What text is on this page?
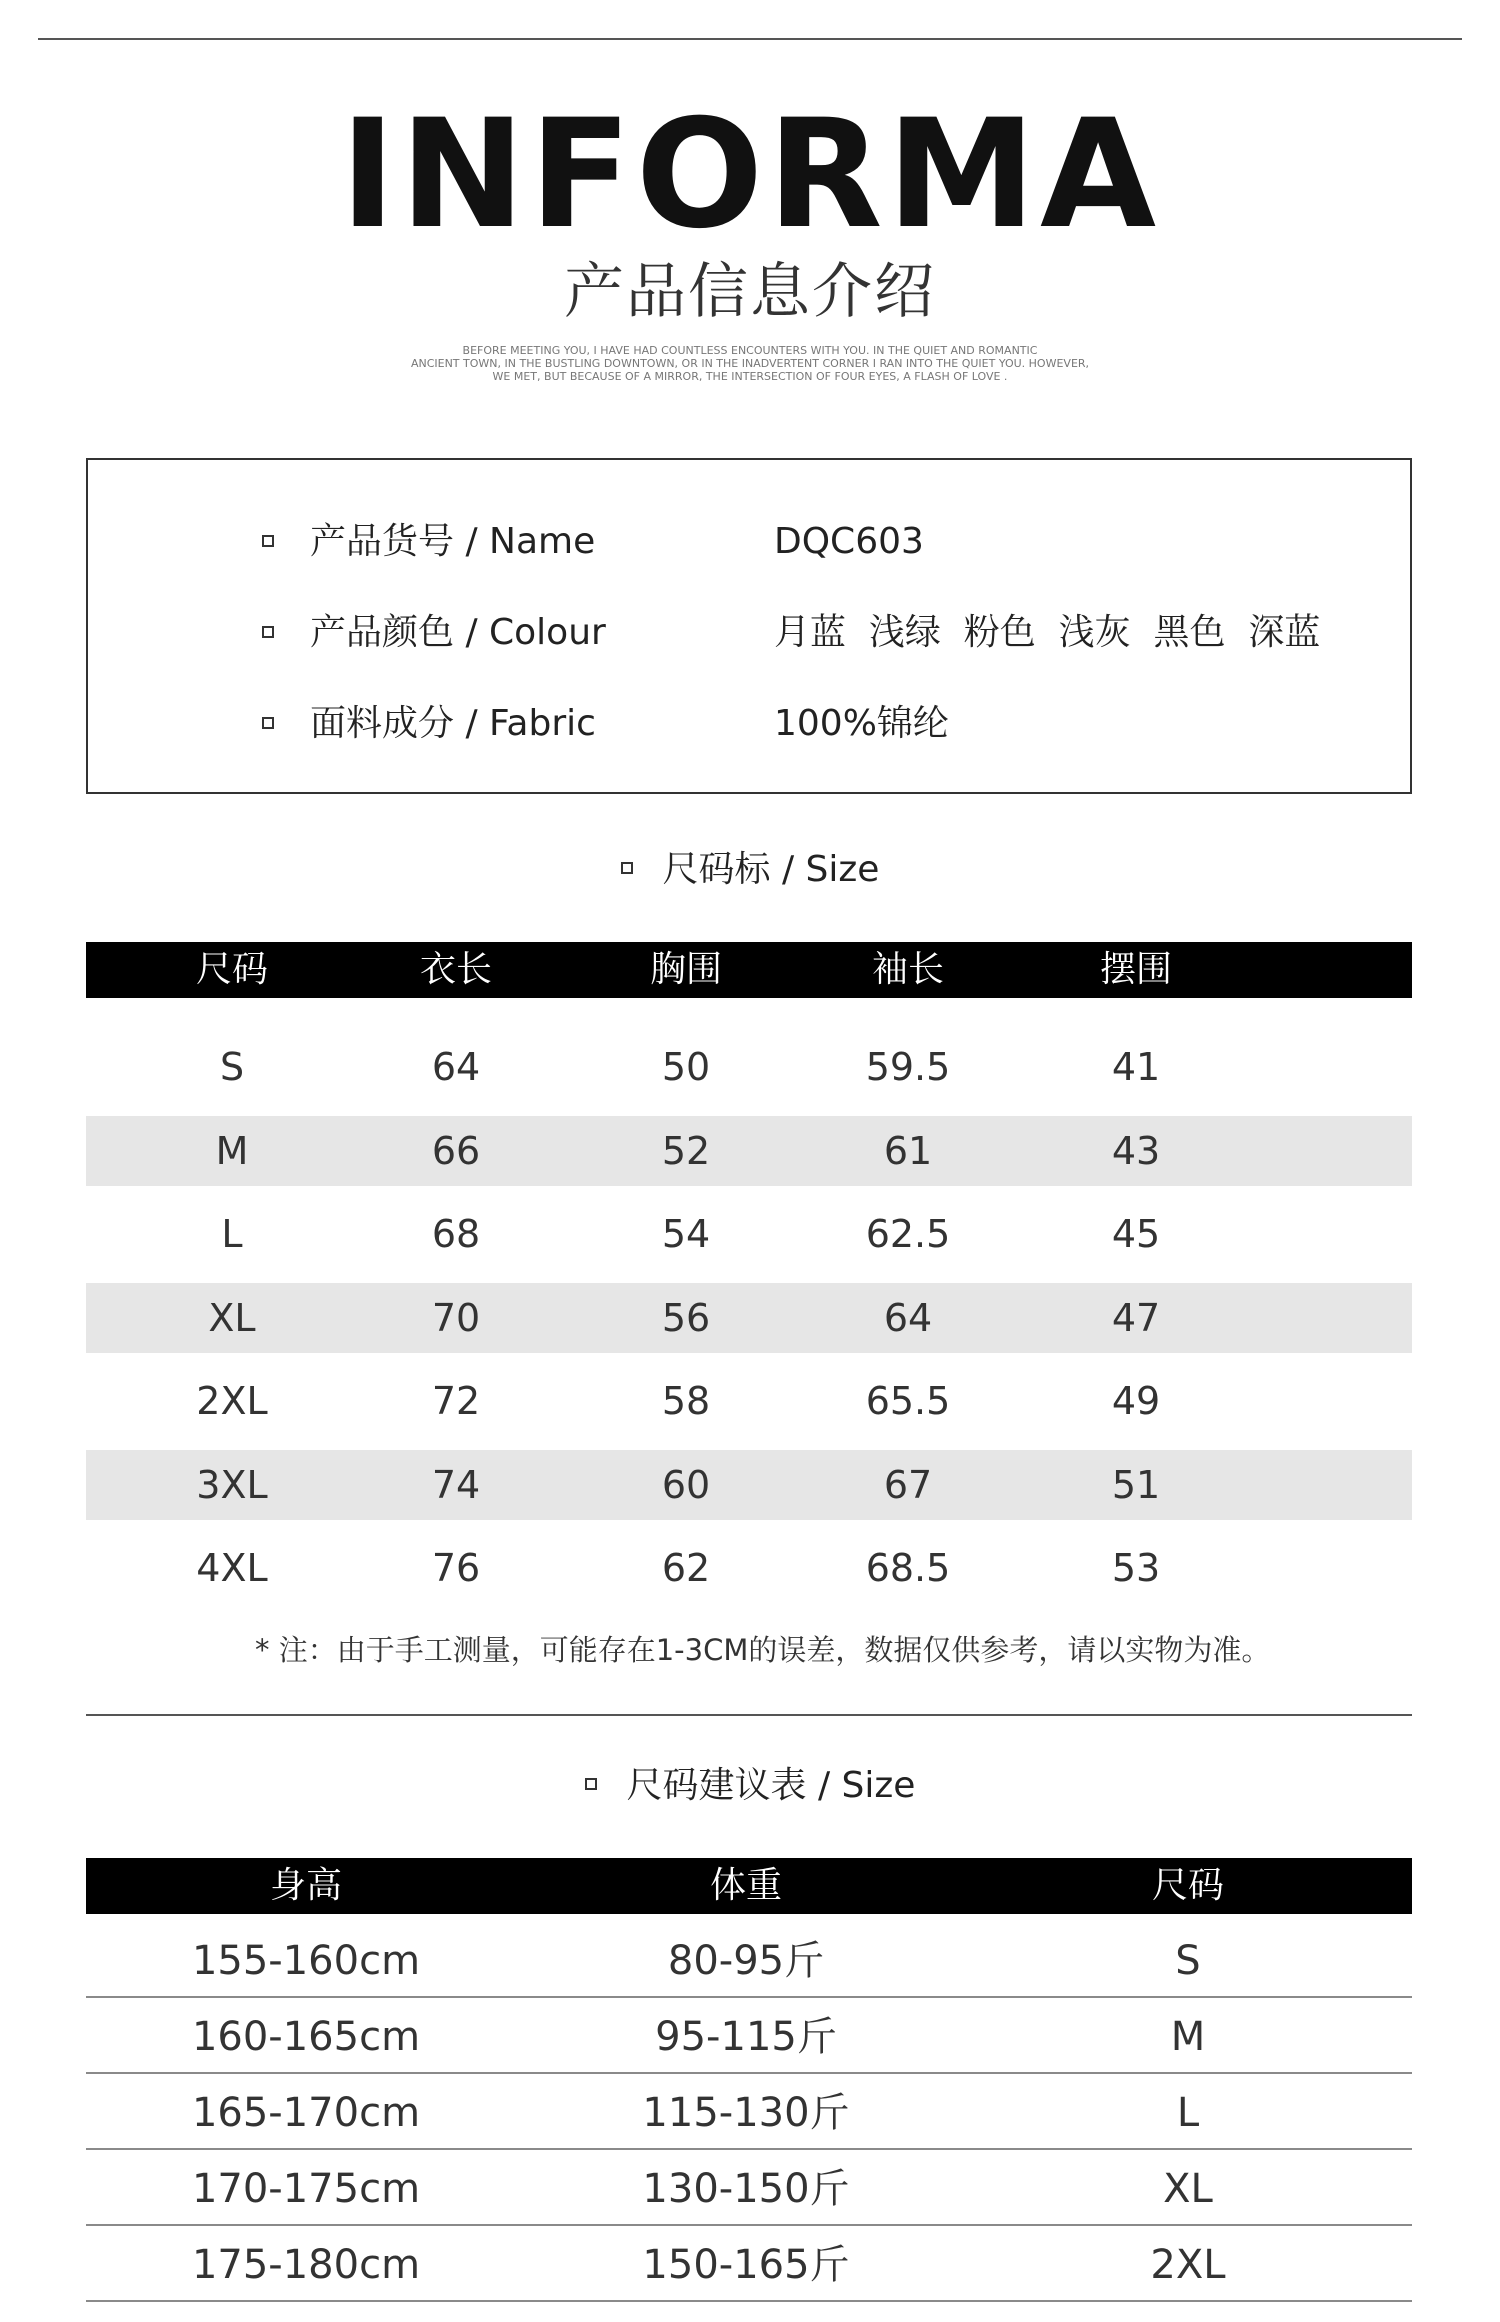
INFORMA
产品信息介绍
BEFORE MEETING YOU, I HAVE HAD COUNTLESS ENCOUNTERS WITH YOU. IN THE QUIET AND ROMANTIC
ANCIENT TOWN, IN THE BUSTLING DOWNTOWN, OR IN THE INADVERTENT CORNER I RAN INTO THE QUIET YOU. HOWEVER,
WE MET, BUT BECAUSE OF A MIRROR, THE INTERSECTION OF FOUR EYES, A FLASH OF LOVE .
产品货号 / Name	DQC603
产品颜色 / Colour	月蓝  浅绿  粉色  浅灰  黑色  深蓝
面料成分 / Fabric	100%锦纶
尺码标 / Size
尺码	衣长	胸围	袖长	摆围
S	64	50	59.5	41
M	66	52	61	43
L	68	54	62.5	45
XL	70	56	64	47
2XL	72	58	65.5	49
3XL	74	60	67	51
4XL	76	62	68.5	53
* 注：由于手工测量，可能存在1-3CM的误差，数据仅供参考，请以实物为准。
尺码建议表 / Size
身高	体重	尺码
155-160cm	80-95斤	S
160-165cm	95-115斤	M
165-170cm	115-130斤	L
170-175cm	130-150斤	XL
175-180cm	150-165斤	2XL
